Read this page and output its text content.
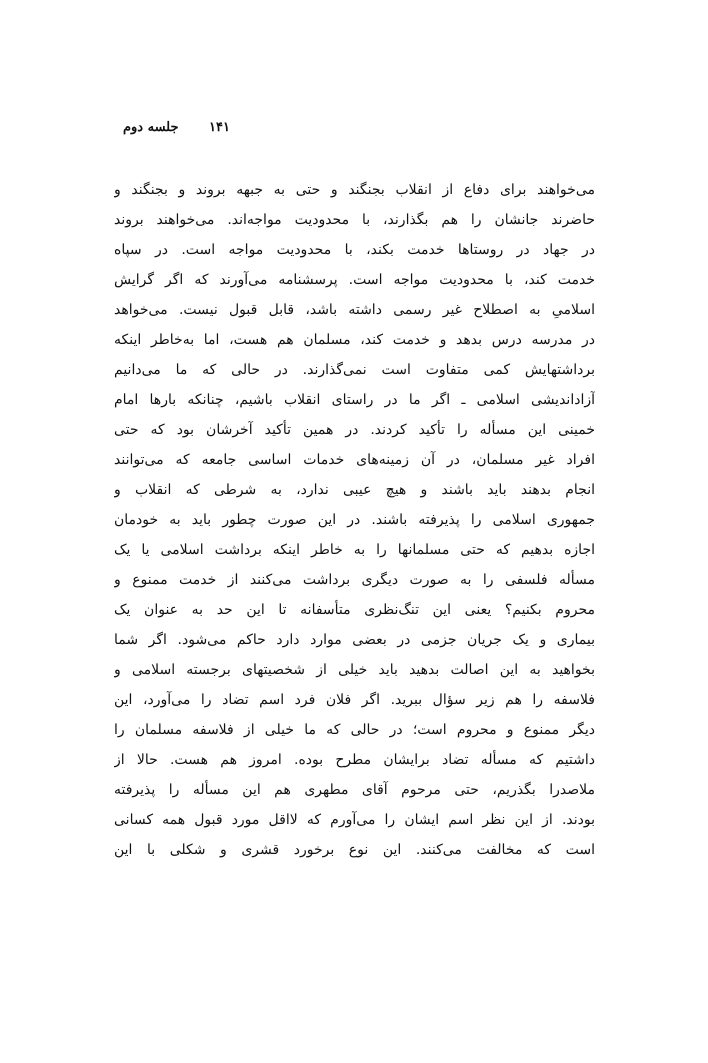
۱۴۱ جلسه دوم
می‌خواهند برای دفاع از انقلاب بجنگند و حتی به جبهه بروند و بجنگند و
حاضرند جانشان را هم بگذارند، با محدودیت مواجه‌اند. می‌خواهند بروند
در جهاد در روستاها خدمت بکند، با محدودیت مواجه است. در سپاه
خدمت کند، با محدودیت مواجه است. پرسشنامه می‌آورند که اگر گرایش
اسلامیِ به اصطلاح غیر رسمی داشته باشد، قابل قبول نیست. می‌خواهد
در مدرسه درس بدهد و خدمت کند، مسلمان هم هست، اما به‌خاطر اینکه
برداشتهایش کمی متفاوت است نمی‌گذارند. در حالی که ما می‌دانیم
آزاداندیشی اسلامی ـ اگر ما در راستای انقلاب باشیم، چنانکه بارها امام
خمینی این مسأله را تأکید کردند. در همین تأکید آخرشان بود که حتی
افراد غیر مسلمان، در آن زمینه‌های خدمات اساسی جامعه که می‌توانند
انجام بدهند باید باشند و هیچ عیبی ندارد، به شرطی که انقلاب و
جمهوری اسلامی را پذیرفته باشند. در این صورت چطور باید به خودمان
اجازه بدهیم که حتی مسلمانها را به خاطر اینکه برداشت اسلامی یا یک
مسأله فلسفی را به صورت دیگری برداشت می‌کنند از خدمت ممنوع و
محروم بکنیم؟ یعنی این تنگ‌نظری متأسفانه تا این حد به عنوان یک
بیماری و یک جریان جزمی در بعضی موارد دارد حاکم می‌شود. اگر شما
بخواهید به این اصالت بدهید باید خیلی از شخصیتهای برجسته اسلامی و
فلاسفه را هم زیر سؤال ببرید. اگر فلان فرد اسم تضاد را می‌آورد، این
دیگر ممنوع و محروم است؛ در حالی که ما خیلی از فلاسفه مسلمان را
داشتیم که مسأله تضاد برایشان مطرح بوده. امروز هم هست. حالا از
ملاصدرا بگذریم، حتی مرحوم آقای مطهری هم این مسأله را پذیرفته
بودند. از این نظر اسم ایشان را می‌آورم که لااقل مورد قبول همه کسانی
است که مخالفت می‌کنند. این نوع برخورد قشری و شکلی با این
